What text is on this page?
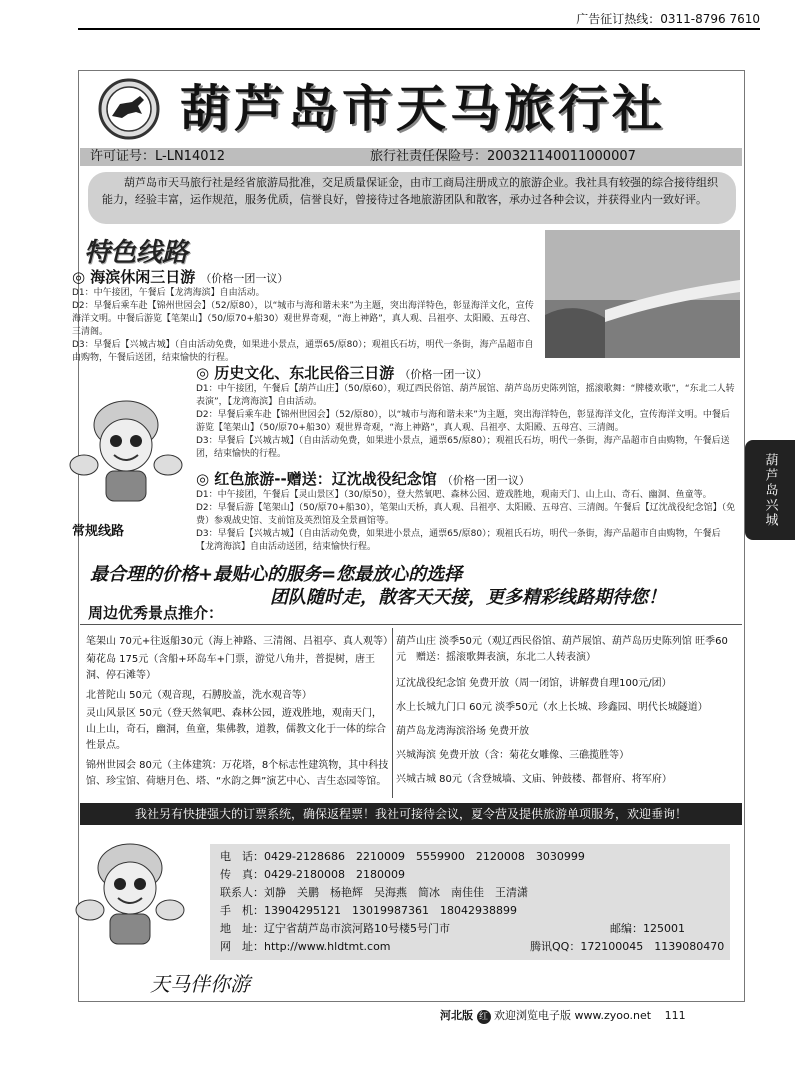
广告征订热线：0311-8796 7610
葫芦岛市天马旅行社
许可证号：L-LN14012	旅行社责任保险号：200321140011000007
葫芦岛市天马旅行社是经省旅游局批准，交足质量保证金，由市工商局注册成立的旅游企业。我社具有较强的综合接待组织能力，经验丰富，运作规范，服务优质，信誉良好，曾接待过各地旅游团队和散客，承办过各种会议，并获得业内一致好评。
特色线路
◎ 海滨休闲三日游 （价格一团一议）
D1：中午接团，午餐后【龙湾海滨】自由活动。
D2：早餐后乘车赴【锦州世园会】（52/原80），以“城市与海和谐未来”为主题，突出海洋特色，彰显海洋文化，宣传海洋文明。中餐后游览【笔架山】（50/原70+船30）观世界奇观，“海上神路”，真人观、吕祖亭、太阳殿、五母宫、三清阁。
D3：早餐后【兴城古城】（自由活动免费，如果进小景点，通票65/原80）；观祖氏石坊，明代一条街，海产品超市自由购物，午餐后送团，结束愉快的行程。
◎ 历史文化、东北民俗三日游 （价格一团一议）
D1：中午接团，午餐后【葫芦山庄】（50/原60），观辽西民俗馆、葫芦展馆、葫芦岛历史陈列馆，摇滚歌舞：“牌楼欢歌”，“东北二人转表演”，【龙湾海滨】自由活动。
D2：早餐后乘车赴【锦州世园会】（52/原80），以“城市与海和谐未来”为主题，突出海洋特色，彰显海洋文化，宣传海洋文明。中餐后游览【笔架山】（50/原70+船30）观世界奇观，“海上神路”，真人观、吕祖亭、太阳殿、五母宫、三清阁。
D3：早餐后【兴城古城】（自由活动免费，如果进小景点，通票65/原80）；观祖氏石坊，明代一条街，海产品超市自由购物，午餐后送团，结束愉快的行程。
◎ 红色旅游--赠送：辽沈战役纪念馆 （价格一团一议）
D1：中午接团，午餐后【灵山景区】（30/原50），登大然氧吧、森林公园、遊戏胜地，观南天门、山上山、奇石、幽洞、鱼童等。
D2：早餐后游【笔架山】（50/原70+船30），笔架山天桥，真人观、吕祖亭、太阳殿、五母宫、三清阁。午餐后【辽沈战役纪念馆】（免费）参观战史馆、支前馆及英烈馆及全景画馆等。
D3：早餐后【兴城古城】（自由活动免费，如果进小景点，通票65/原80）；观祖氏石坊，明代一条街，海产品超市自由购物，午餐后【龙湾海滨】自由活动送团，结束愉快行程。
常规线路
葫芦岛兴城
最合理的价格+最贴心的服务=您最放心的选择
团队随时走，散客天天接，更多精彩线路期待您！
周边优秀景点推介：
笔架山 70元+往返船30元（海上神路、三清阁、吕祖亭、真人观等）
菊花岛 175元（含船+环岛车+门票，游觉八角井，普提树，唐王洞、停石滩等）
北普陀山 50元（观音现，石膊胶盖，洗水观音等）
灵山风景区 50元（登天然氧吧、森林公园，遊戏胜地，观南天门，山上山，奇石，幽洞，鱼童，集佛教，道教，儒教文化于一体的综合性景点。
锦州世园会 80元（主体建筑：万花塔，8个标志性建筑物，其中科技馆、珍宝馆、荷塘月色、塔、“水韵之舞”演艺中心、吉生态园等馆。
葫芦山庄 淡季50元（观辽西民俗馆、葫芦展馆、葫芦岛历史陈列馆 旺季60元　赠送：摇滚歌舞表演，东北二人转表演）
辽沈战役纪念馆 免费开放（周一闭馆，讲解费自理100元/团）
水上长城九门口 60元 淡季50元（水上长城、珍鑫园、明代长城隧道）
葫芦岛龙湾海滨浴场 免费开放
兴城海滨 免费开放（含：菊花女雕像、三礁揽胜等）
兴城古城 80元（含登城墙、文庙、钟鼓楼、都督府、将军府）
我社另有快捷强大的订票系统，确保返程票！我社可接待会议，夏令营及提供旅游单项服务，欢迎垂询！
电　话：0429-2128686　2210009　5559900　2120008　3030999
传　真：0429-2180008　2180009
联系人：刘静　关鹏　杨艳辉　吴海燕　简冰　南佳佳　王清潇
手　机：13904295121　13019987361　18042938899
地　址：辽宁省葫芦岛市滨河路10号楼5号门市	邮编：125001
网　址：http://www.hldtmt.com	腾讯QQ：172100045　1139080470
天马伴你游
河北版 红 欢迎浏览电子版 www.zyoo.net 111
